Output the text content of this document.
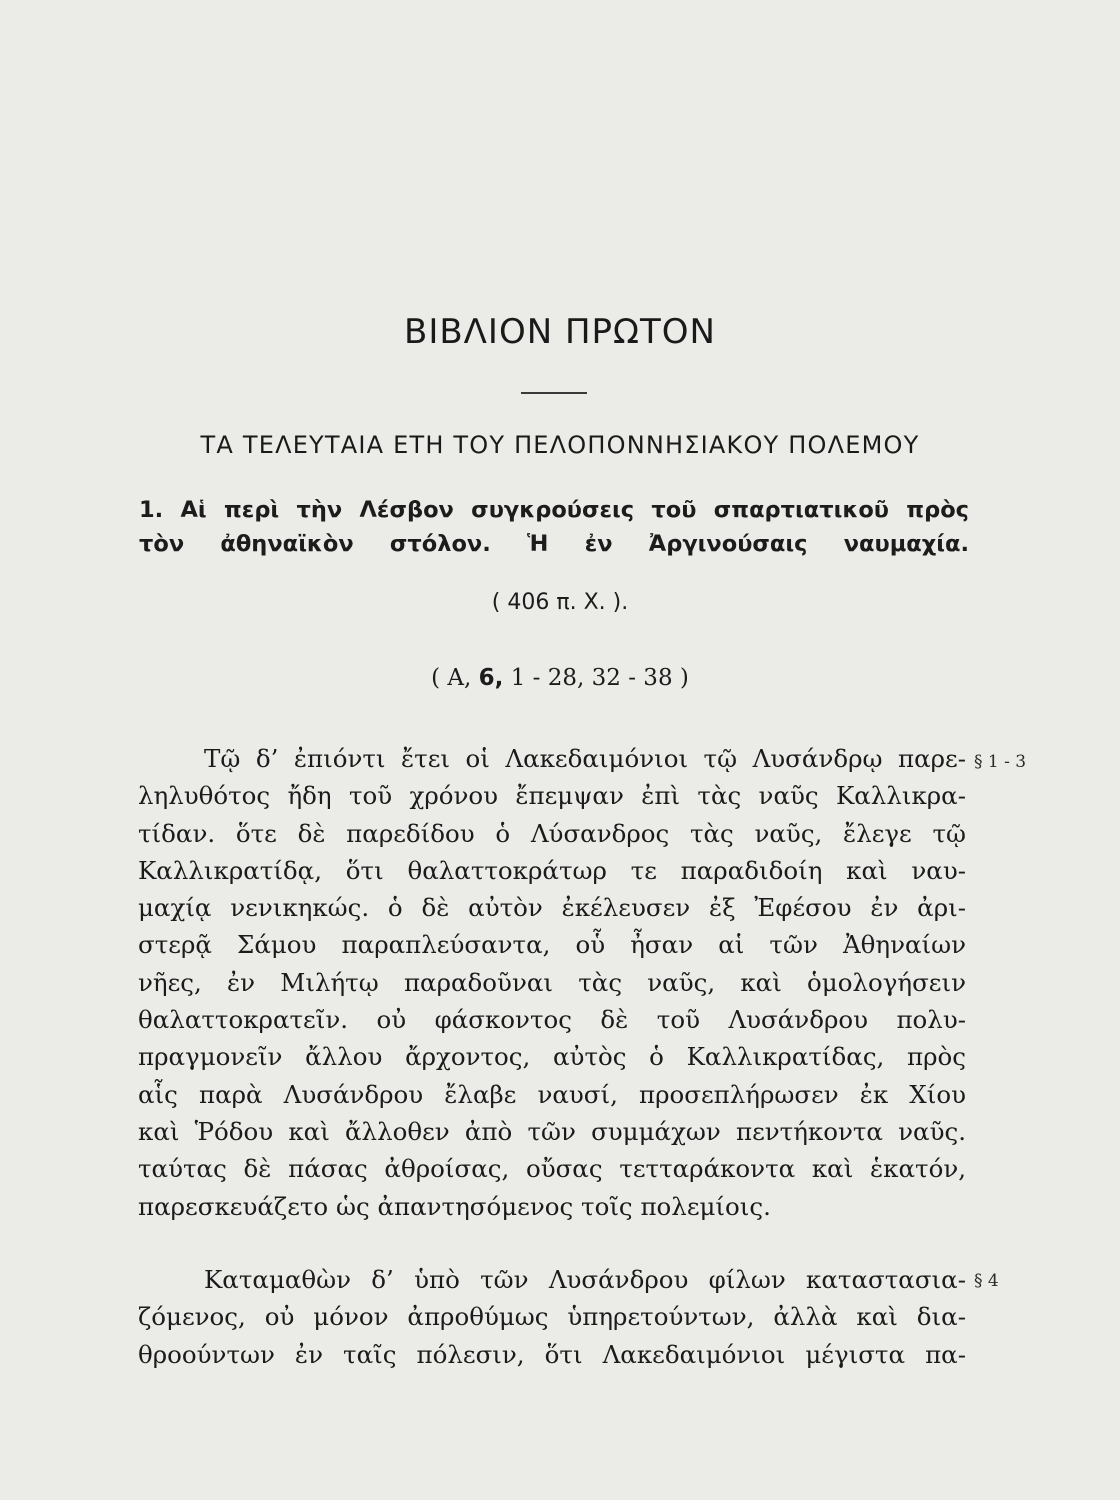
ΒΙΒΛΙΟΝ ΠΡΩΤΟΝ
ΤΑ ΤΕΛΕΥΤΑΙΑ ΕΤΗ ΤΟΥ ΠΕΛΟΠΟΝΝΗΣΙΑΚΟΥ ΠΟΛΕΜΟΥ
1. Αἱ περὶ τὴν Λέσβον συγκρούσεις τοῦ σπαρτιατικοῦ πρὸς
τὸν ἀθηναϊκὸν στόλον. Ἡ ἐν Ἀργινούσαις ναυμαχία.
( 406 π. Χ. ).
( Α, 6, 1 - 28, 32 - 38 )
Τῷ δ’ ἐπιόντι ἔτει οἱ Λακεδαιμόνιοι τῷ Λυσάνδρῳ παρε-
ληλυθότος ἤδη τοῦ χρόνου ἔπεμψαν ἐπὶ τὰς ναῦς Καλλικρα-
τίδαν. ὅτε δὲ παρεδίδου ὁ Λύσανδρος τὰς ναῦς, ἔλεγε τῷ
Καλλικρατίδᾳ, ὅτι θαλαττοκράτωρ τε παραδιδοίη καὶ ναυ-
μαχίᾳ νενικηκώς. ὁ δὲ αὐτὸν ἐκέλευσεν ἐξ Ἐφέσου ἐν ἀρι-
στερᾷ Σάμου παραπλεύσαντα, οὗ ἦσαν αἱ τῶν Ἀθηναίων
νῆες, ἐν Μιλήτῳ παραδοῦναι τὰς ναῦς, καὶ ὁμολογήσειν
θαλαττοκρατεῖν. οὐ φάσκοντος δὲ τοῦ Λυσάνδρου πολυ-
πραγμονεῖν ἄλλου ἄρχοντος, αὐτὸς ὁ Καλλικρατίδας, πρὸς
αἷς παρὰ Λυσάνδρου ἔλαβε ναυσί, προσεπλήρωσεν ἐκ Χίου
καὶ Ῥόδου καὶ ἄλλοθεν ἀπὸ τῶν συμμάχων πεντήκοντα ναῦς.
ταύτας δὲ πάσας ἀθροίσας, οὔσας τετταράκοντα καὶ ἑκατόν,
παρεσκευάζετο ὡς ἀπαντησόμενος τοῖς πολεμίοις.
§ 1 - 3
Καταμαθὼν δ’ ὑπὸ τῶν Λυσάνδρου φίλων καταστασια-
ζόμενος, οὐ μόνον ἀπροθύμως ὑπηρετούντων, ἀλλὰ καὶ δια-
θροούντων ἐν ταῖς πόλεσιν, ὅτι Λακεδαιμόνιοι μέγιστα πα-
§ 4
